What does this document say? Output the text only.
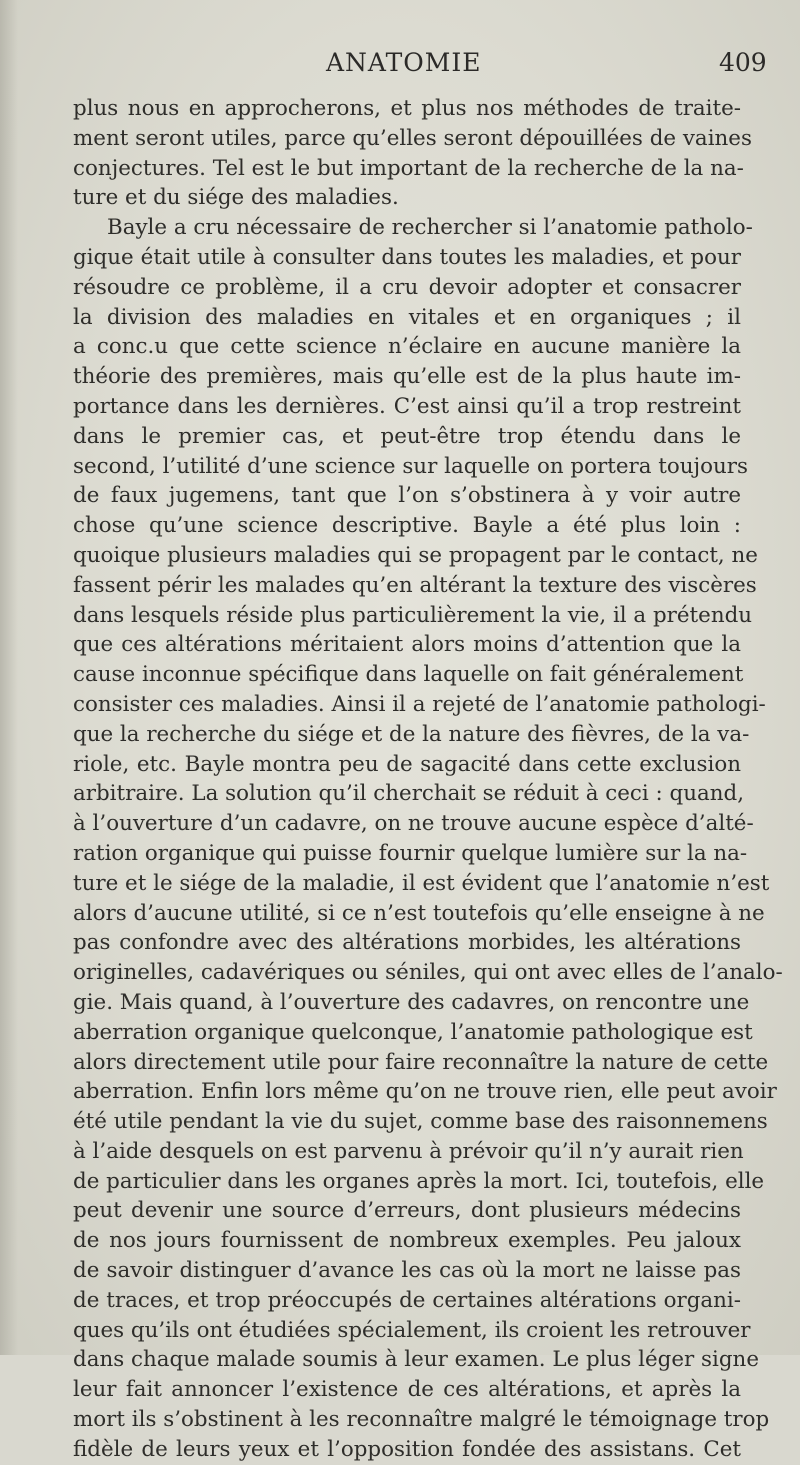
ANATOMIE	409
plus nous en approcherons, et plus nos méthodes de traite-
ment seront utiles, parce qu’elles seront dépouillées de vaines
conjectures. Tel est le but important de la recherche de la na-
ture et du siége des maladies.
Bayle a cru nécessaire de rechercher si l’anatomie patholo-
gique était utile à consulter dans toutes les maladies, et pour
résoudre ce problème, il a cru devoir adopter et consacrer
la division des maladies en vitales et en organiques ; il
a conc.u que cette science n’éclaire en aucune manière la
théorie des premières, mais qu’elle est de la plus haute im-
portance dans les dernières. C’est ainsi qu’il a trop restreint
dans le premier cas, et peut-être trop étendu dans le
second, l’utilité d’une science sur laquelle on portera toujours
de faux jugemens, tant que l’on s’obstinera à y voir autre
chose qu’une science descriptive. Bayle a été plus loin :
quoique plusieurs maladies qui se propagent par le contact, ne
fassent périr les malades qu’en altérant la texture des viscères
dans lesquels réside plus particulièrement la vie, il a prétendu
que ces altérations méritaient alors moins d’attention que la
cause inconnue spécifique dans laquelle on fait généralement
consister ces maladies. Ainsi il a rejeté de l’anatomie pathologi-
que la recherche du siége et de la nature des fièvres, de la va-
riole, etc. Bayle montra peu de sagacité dans cette exclusion
arbitraire. La solution qu’il cherchait se réduit à ceci : quand,
à l’ouverture d’un cadavre, on ne trouve aucune espèce d’alté-
ration organique qui puisse fournir quelque lumière sur la na-
ture et le siége de la maladie, il est évident que l’anatomie n’est
alors d’aucune utilité, si ce n’est toutefois qu’elle enseigne à ne
pas confondre avec des altérations morbides, les altérations
originelles, cadavériques ou séniles, qui ont avec elles de l’analo-
gie. Mais quand, à l’ouverture des cadavres, on rencontre une
aberration organique quelconque, l’anatomie pathologique est
alors directement utile pour faire reconnaître la nature de cette
aberration. Enfin lors même qu’on ne trouve rien, elle peut avoir
été utile pendant la vie du sujet, comme base des raisonnemens
à l’aide desquels on est parvenu à prévoir qu’il n’y aurait rien
de particulier dans les organes après la mort. Ici, toutefois, elle
peut devenir une source d’erreurs, dont plusieurs médecins
de nos jours fournissent de nombreux exemples. Peu jaloux
de savoir distinguer d’avance les cas où la mort ne laisse pas
de traces, et trop préoccupés de certaines altérations organi-
ques qu’ils ont étudiées spécialement, ils croient les retrouver
dans chaque malade soumis à leur examen. Le plus léger signe
leur fait annoncer l’existence de ces altérations, et après la
mort ils s’obstinent à les reconnaître malgré le témoignage trop
fidèle de leurs yeux et l’opposition fondée des assistans. Cet
